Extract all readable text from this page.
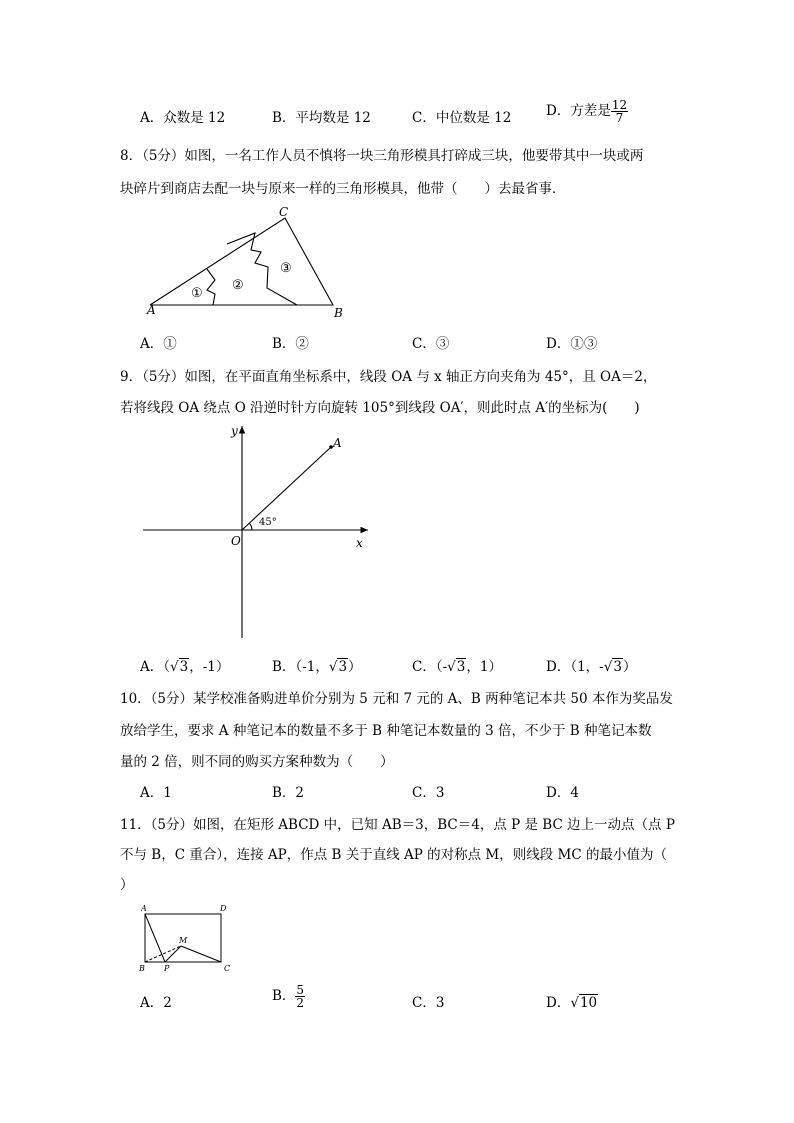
A．众数是 12	B．平均数是 12	C．中位数是 12	D．方差是 $\frac{12}{7}$
8．（5分）如图，一名工作人员不慎将一块三角形模具打碎成三块，他要带其中一块或两
块碎片到商店去配一块与原来一样的三角形模具，他带（　　）去最省事．
A	B
C
①
②
③
A．①	B．②	C．③	D．①③
9．（5分）如图，在平面直角坐标系中，线段 OA 与 x 轴正方向夹角为 45°，且 OA＝2，
若将线段 OA 绕点 O 沿逆时针方向旋转 105°到线段 OA′，则此时点 A′的坐标为(　　)
y
x
O
A
45°
A．（√3，-1）	B．（-1，√3）	C．（-√3，1）	D．（1，-√3）
10．（5分）某学校准备购进单价分别为 5 元和 7 元的 A、B 两种笔记本共 50 本作为奖品发
放给学生，要求 A 种笔记本的数量不多于 B 种笔记本数量的 3 倍，不少于 B 种笔记本数
量的 2 倍，则不同的购买方案种数为（　　）
A．1	B．2	C．3	D．4
11．（5分）如图，在矩形 ABCD 中，已知 AB＝3，BC＝4，点 P 是 BC 边上一动点（点 P
不与 B，C 重合），连接 AP，作点 B 关于直线 AP 的对称点 M，则线段 MC 的最小值为（
）
A	D
B	C
P
M
A．2	B． $\frac{5}{2}$	C．3	D．√10
